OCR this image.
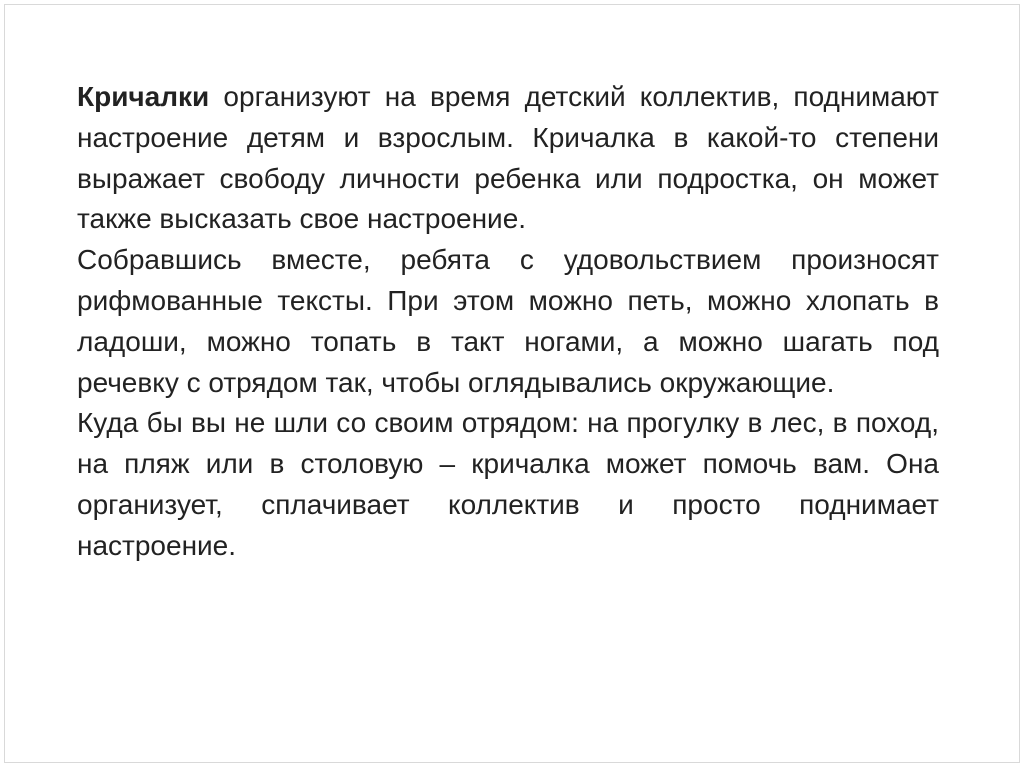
Кричалки организуют на время детский коллектив, поднимают настроение детям и взрослым. Кричалка в какой-то степени выражает свободу личности ребенка или подростка, он может также высказать свое настроение.

Собравшись вместе, ребята с удовольствием произносят рифмованные тексты. При этом можно петь, можно хлопать в ладоши, можно топать в такт ногами, а можно шагать под речевку с отрядом так, чтобы оглядывались окружающие.

Куда бы вы не шли со своим отрядом: на прогулку в лес, в поход, на пляж или в столовую – кричалка может помочь вам. Она организует, сплачивает коллектив и просто поднимает настроение.
